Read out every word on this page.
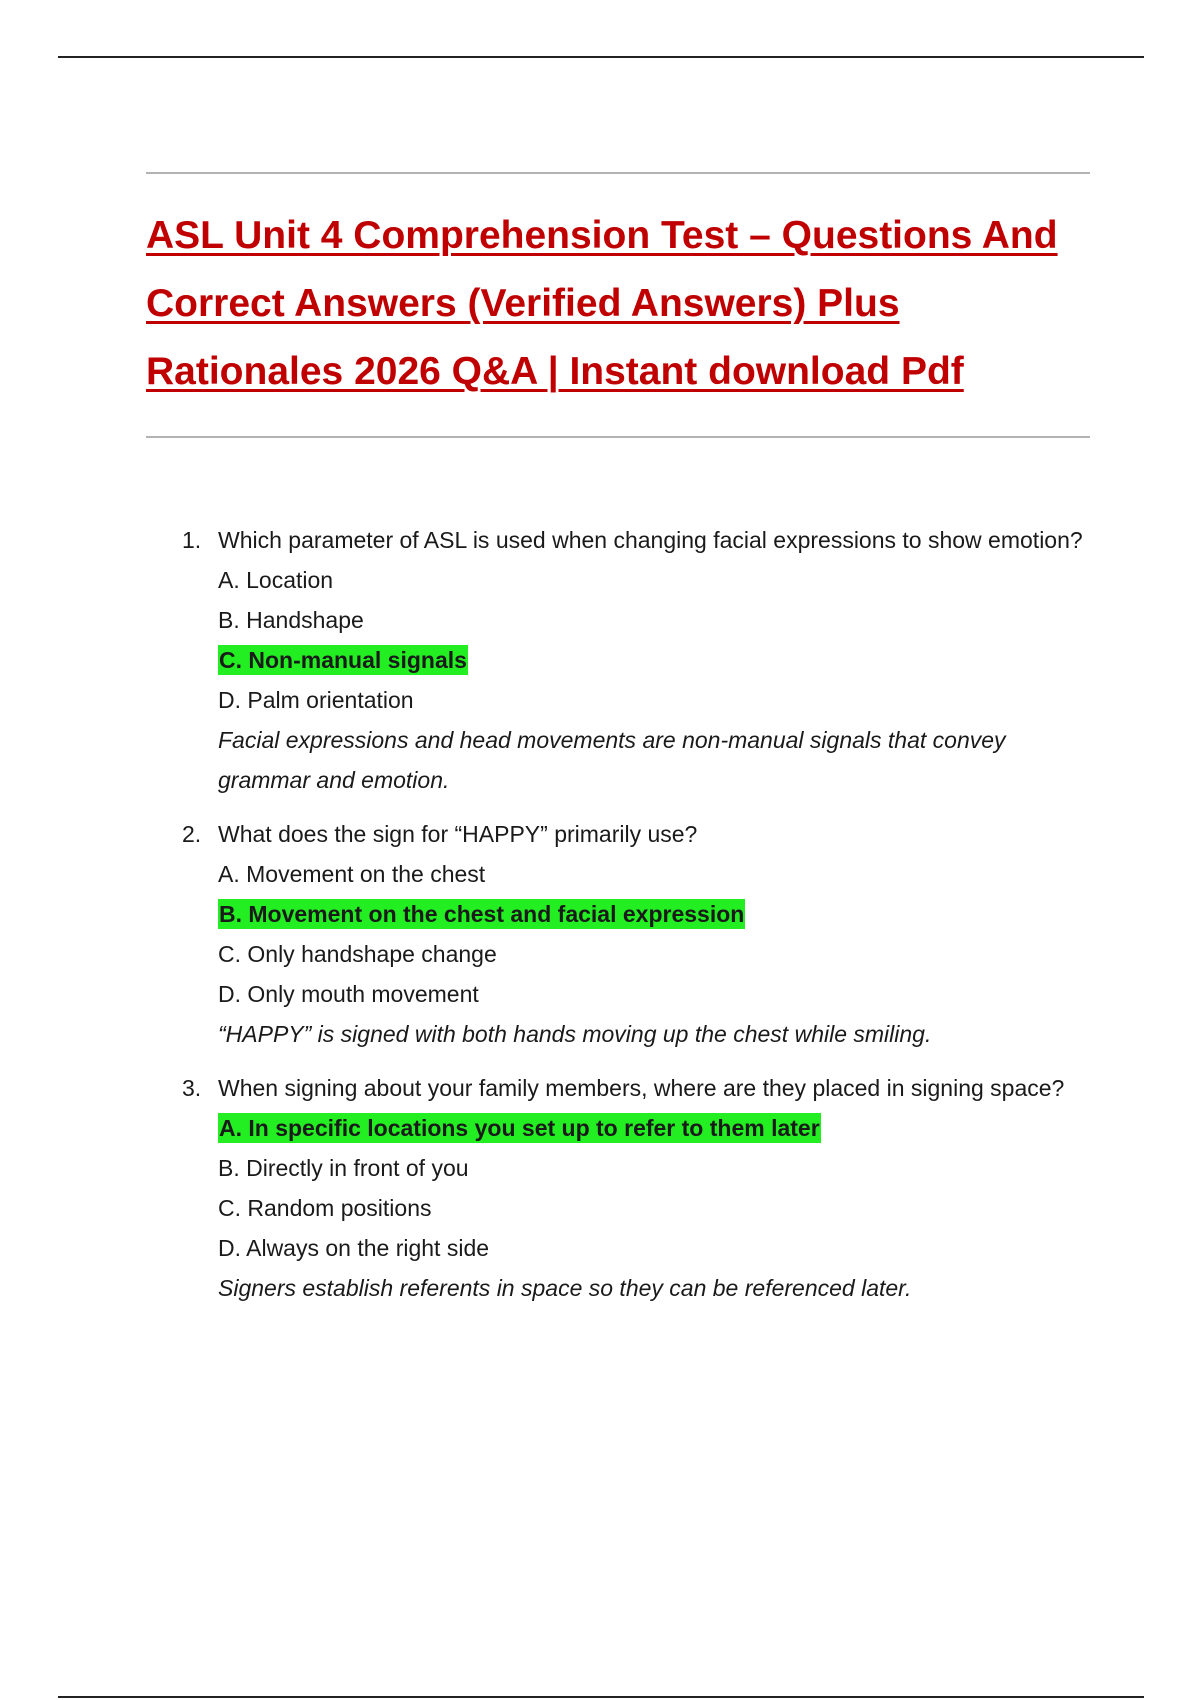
ASL Unit 4 Comprehension Test – Questions And Correct Answers (Verified Answers) Plus Rationales 2026 Q&A | Instant download Pdf
1. Which parameter of ASL is used when changing facial expressions to show emotion?
A. Location
B. Handshape
C. Non-manual signals
D. Palm orientation
Facial expressions and head movements are non-manual signals that convey grammar and emotion.
2. What does the sign for “HAPPY” primarily use?
A. Movement on the chest
B. Movement on the chest and facial expression
C. Only handshape change
D. Only mouth movement
“HAPPY” is signed with both hands moving up the chest while smiling.
3. When signing about your family members, where are they placed in signing space?
A. In specific locations you set up to refer to them later
B. Directly in front of you
C. Random positions
D. Always on the right side
Signers establish referents in space so they can be referenced later.
